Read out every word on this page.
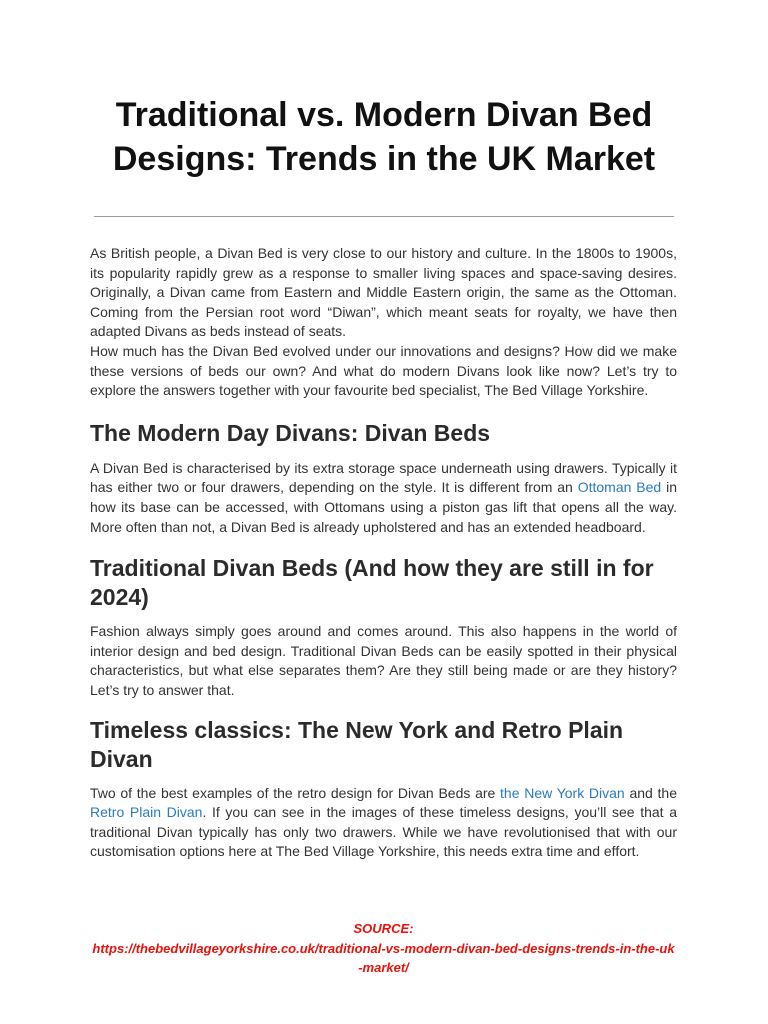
Traditional vs. Modern Divan Bed Designs: Trends in the UK Market

As British people, a Divan Bed is very close to our history and culture. In the 1800s to 1900s, its popularity rapidly grew as a response to smaller living spaces and space-saving desires. Originally, a Divan came from Eastern and Middle Eastern origin, the same as the Ottoman. Coming from the Persian root word “Diwan”, which meant seats for royalty, we have then adapted Divans as beds instead of seats.

How much has the Divan Bed evolved under our innovations and designs? How did we make these versions of beds our own? And what do modern Divans look like now? Let’s try to explore the answers together with your favourite bed specialist, The Bed Village Yorkshire.

The Modern Day Divans: Divan Beds

A Divan Bed is characterised by its extra storage space underneath using drawers. Typically it has either two or four drawers, depending on the style. It is different from an Ottoman Bed in how its base can be accessed, with Ottomans using a piston gas lift that opens all the way. More often than not, a Divan Bed is already upholstered and has an extended headboard.

Traditional Divan Beds (And how they are still in for 2024)

Fashion always simply goes around and comes around. This also happens in the world of interior design and bed design. Traditional Divan Beds can be easily spotted in their physical characteristics, but what else separates them? Are they still being made or are they history? Let’s try to answer that.

Timeless classics: The New York and Retro Plain Divan

Two of the best examples of the retro design for Divan Beds are the New York Divan and the Retro Plain Divan. If you can see in the images of these timeless designs, you’ll see that a traditional Divan typically has only two drawers. While we have revolutionised that with our customisation options here at The Bed Village Yorkshire, this needs extra time and effort.

SOURCE:
https://thebedvillageyorkshire.co.uk/traditional-vs-modern-divan-bed-designs-trends-in-the-uk-market/
